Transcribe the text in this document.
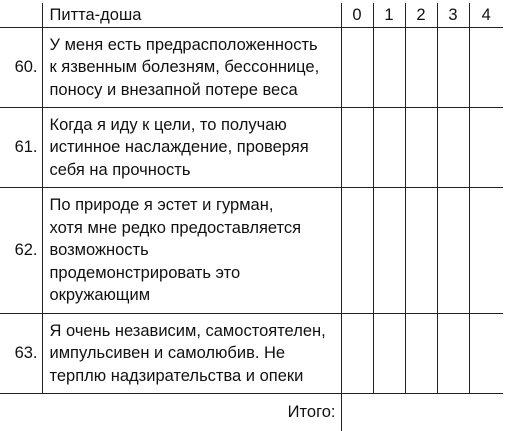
	Питта-доша	0	1	2	3	4
60.	У меня есть предрасположенность
к язвенным болезням, бессоннице,
поносу и внезапной потере веса					

61.	Когда я иду к цели, то получаю
истинное наслаждение, проверяя
себя на прочность					

62.	По природе я эстет и гурман,
хотя мне редко предоставляется
возможность
продемонстрировать это
окружающим					

63.	Я очень независим, самостоятелен,
импульсивен и самолюбив. Не
терплю надзирательства и опеки					

Итого:						
